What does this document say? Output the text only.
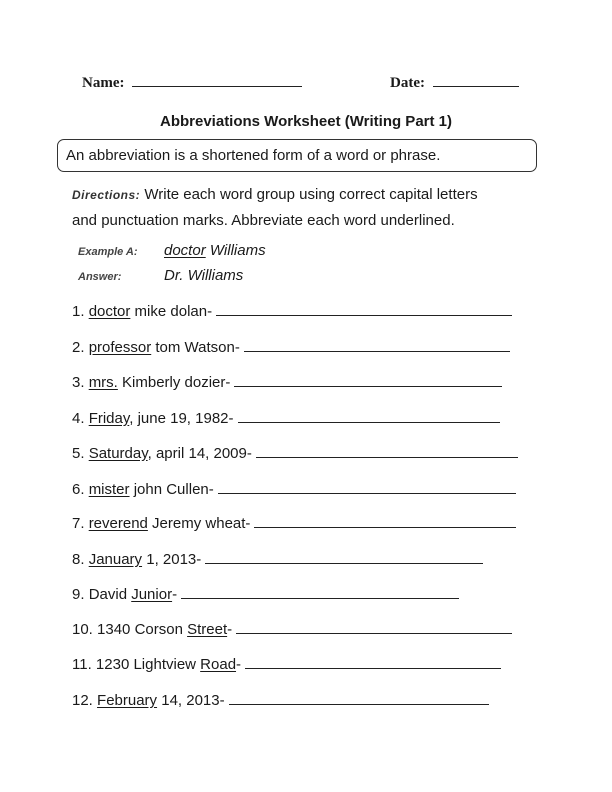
Name:	Date:
Abbreviations Worksheet (Writing Part 1)
An abbreviation is a shortened form of a word or phrase.
Directions: Write each word group using correct capital letters
and punctuation marks. Abbreviate each word underlined.
Example A: doctor Williams
Answer:	Dr. Williams
1. doctor mike dolan-
2. professor tom Watson-
3. mrs. Kimberly dozier-
4. Friday, june 19, 1982-
5. Saturday, april 14, 2009-
6. mister john Cullen-
7. reverend Jeremy wheat-
8. January 1, 2013-
9. David Junior-
10. 1340 Corson Street-
11. 1230 Lightview Road-
12. February 14, 2013-
